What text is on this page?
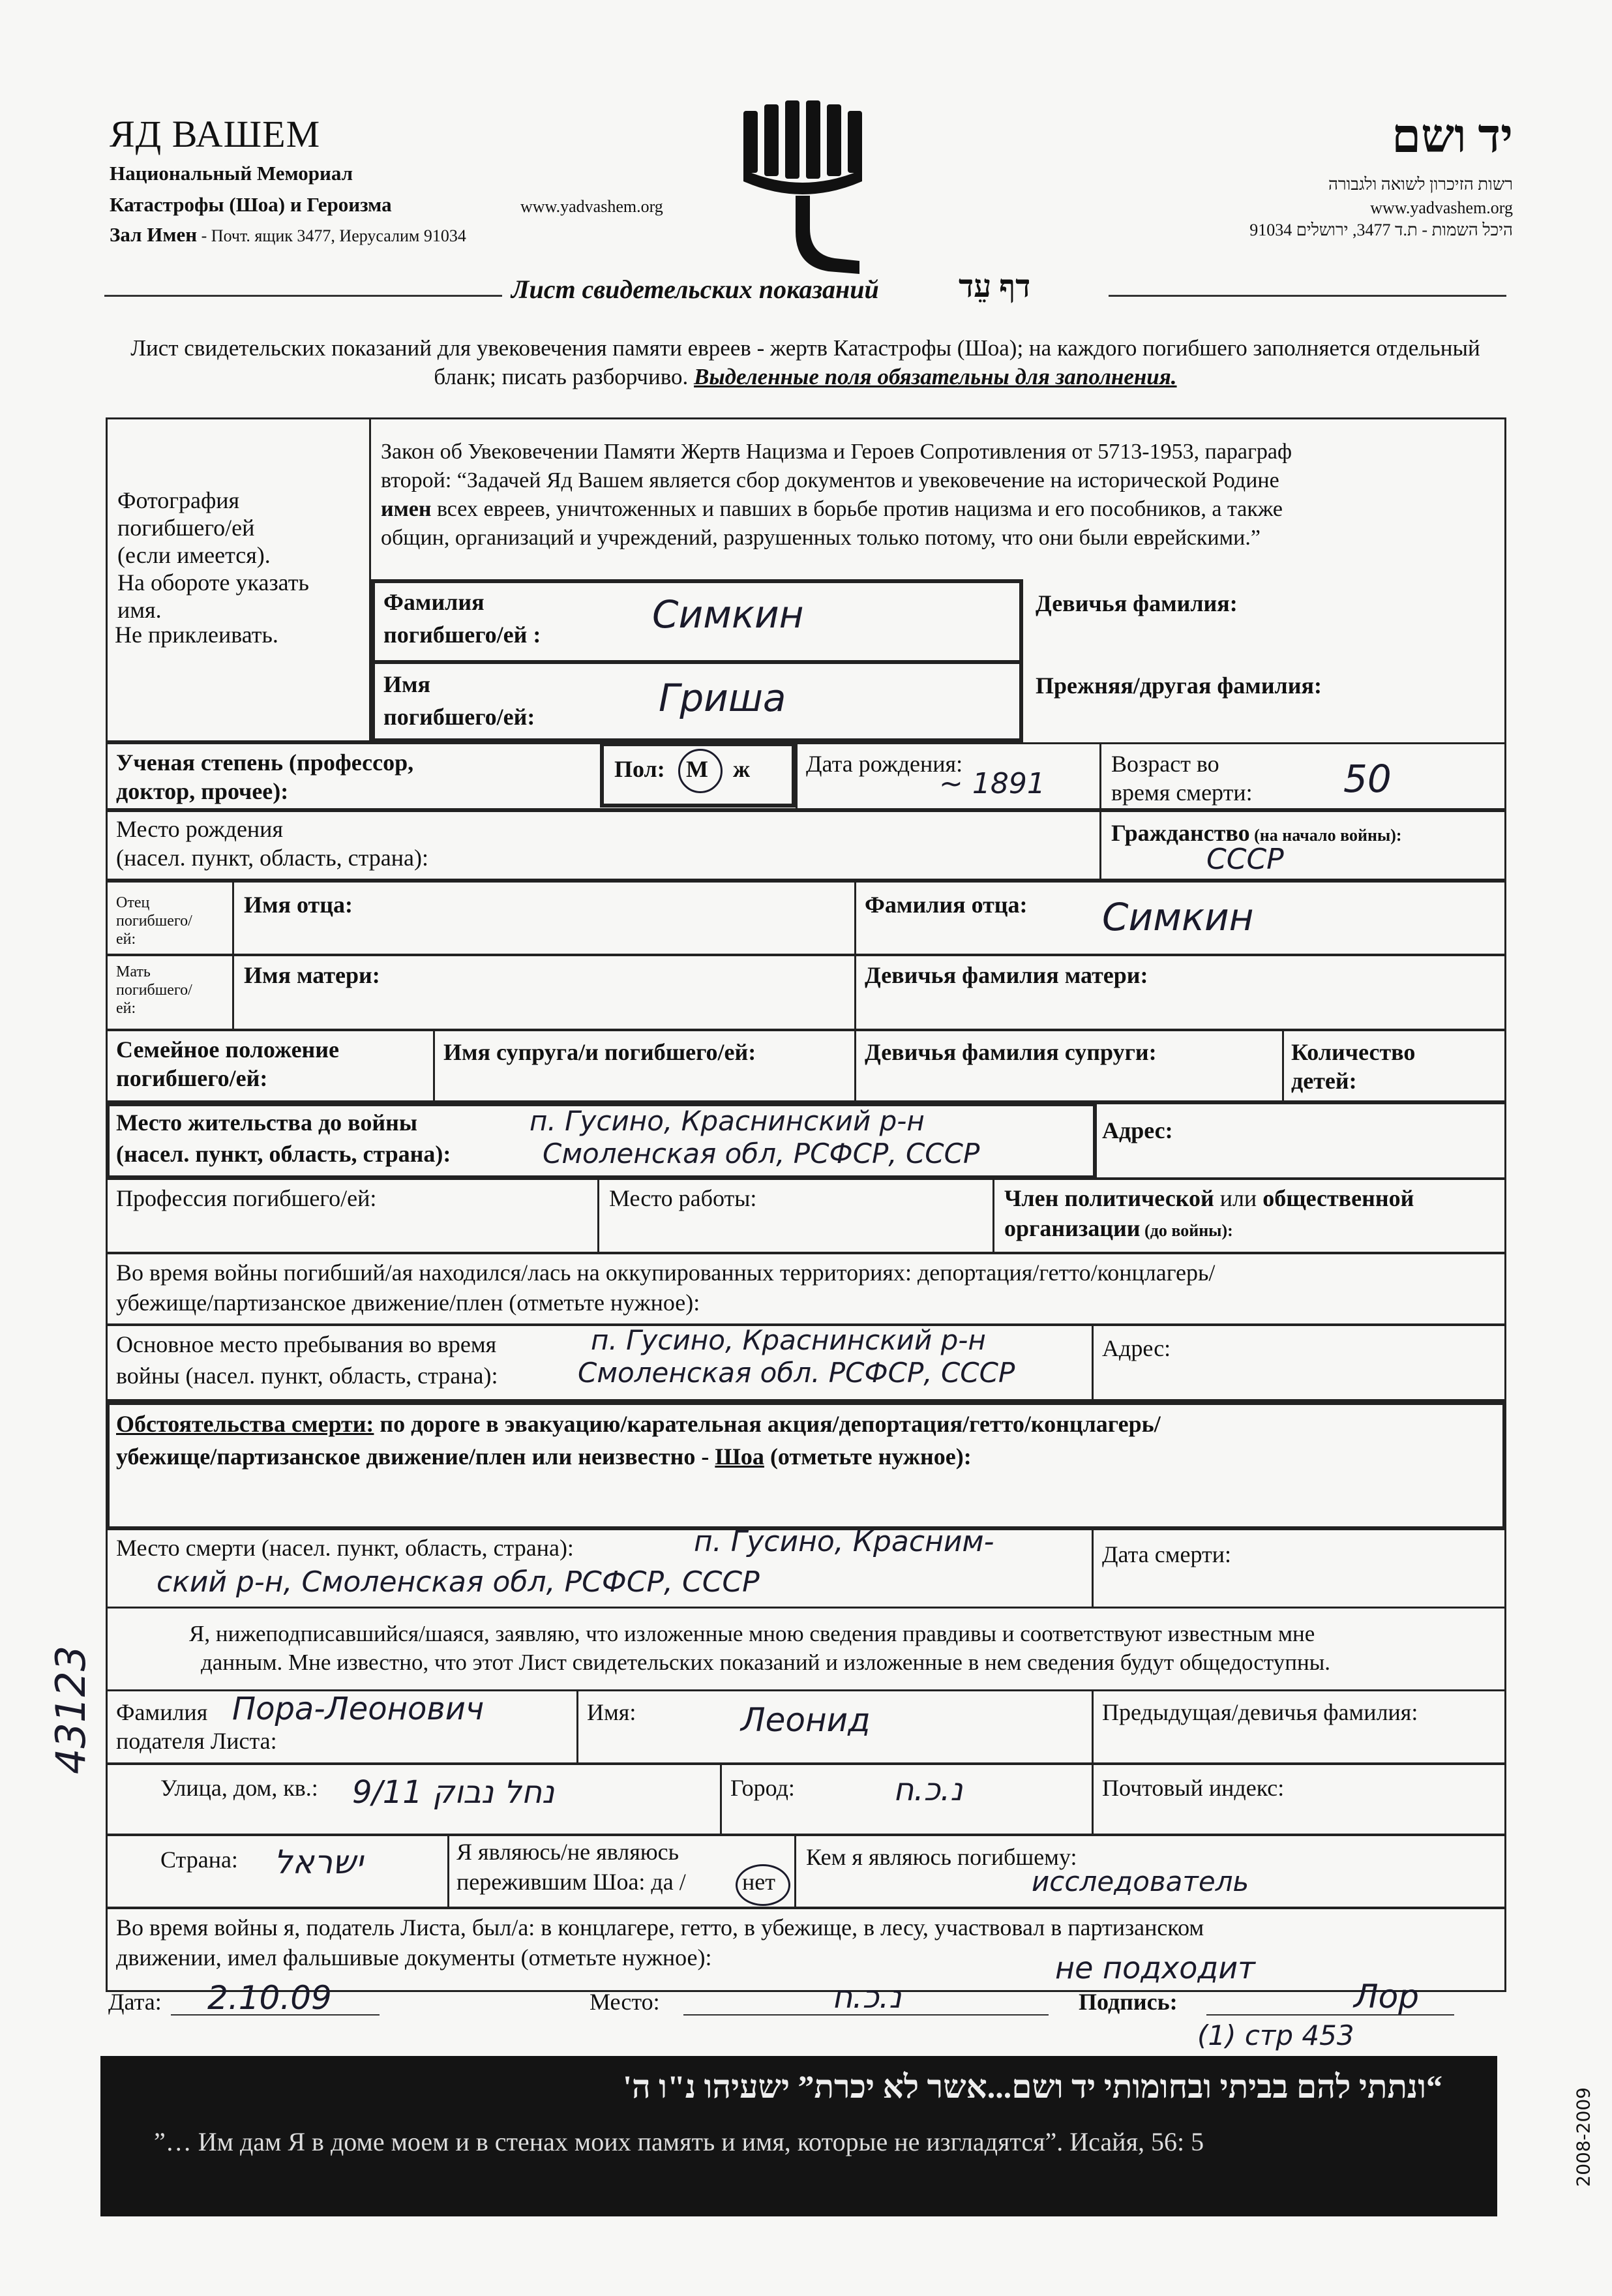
ЯД ВАШЕМ
Национальный Мемориал
Катастрофы (Шоа) и Героизма	www.yadvashem.org
Зал Имен - Почт. ящик 3477, Иерусалим 91034
יד ושם
רשות הזיכרון לשואה ולגבורה
www.yadvashem.org
היכל השמות - ת.ד 3477, ירושלים 91034
Лист свидетельских показаний	דף עֵד
Лист свидетельских показаний для увековечения памяти евреев - жертв Катастрофы (Шоа); на каждого погибшего заполняется отдельный бланк; писать разборчиво. Выделенные поля обязательны для заполнения.
Фотография
погибшего/ей
(если имеется).
На обороте указать
имя.
Не приклеивать.
Закон об Увековечении Памяти Жертв Нацизма и Героев Сопротивления от 5713-1953, параграф
второй: “Задачей Яд Вашем является сбор документов и увековечение на исторической Родине
имен всех евреев, уничтоженных и павших в борьбе против нацизма и его пособников, а также
общин, организаций и учреждений, разрушенных только потому, что они были еврейскими.”
Фамилия
погибшего/ей :	Симкин	Девичья фамилия:
Имя
погибшего/ей:	Гриша	Прежняя/другая фамилия:
Ученая степень (профессор,
доктор, прочее):
Пол: М ж Дата рождения:
~ 1891
Возраст во
время смерти: 50
Место рождения
(насел. пункт, область, страна):
Гражданство (на начало войны):
СССР
Отец
погибшего/
ей:
Имя отца:	Фамилия отца: Симкин
Мать
погибшего/
ей:
Имя матери:	Девичья фамилия матери:
Семейное положение
погибшего/ей:
Имя супруга/и погибшего/ей:	Девичья фамилия супруги:	Количество
детей:
Место жительства до войны
(насел. пункт, область, страна):
п. Гусино, Краснинский р-н
Смоленская обл, РСФСР, СССР
Адрес:
Профессия погибшего/ей:	Место работы:	Член политической или общественной
организации (до войны):
Во время войны погибший/ая находился/лась на оккупированных территориях: депортация/гетто/концлагерь/
убежище/партизанское движение/плен (отметьте нужное):
Основное место пребывания во время
войны (насел. пункт, область, страна):
п. Гусино, Краснинский р-н
Смоленская обл. РСФСР, СССР
Адрес:
Обстоятельства смерти: по дороге в эвакуацию/карательная акция/депортация/гетто/концлагерь/
убежище/партизанское движение/плен или неизвестно - Шоа (отметьте нужное):
Место смерти (насел. пункт, область, страна):	п. Гусино, Красним-
ский р-н, Смоленская обл, РСФСР, СССР
Дата смерти:
Я, нижеподписавшийся/шаяся, заявляю, что изложенные мною сведения правдивы и соответствуют известным мне
данным. Мне известно, что этот Лист свидетельских показаний и изложенные в нем сведения будут общедоступны.
Фамилия
подателя Листа:
Пора-Леонович	Имя:	Леонид	Предыдущая/девичья фамилия:
Улица, дом, кв.: 9/11 נחל נבוק	Город:	נ.כ.ח	Почтовый индекс:
Страна: ישראל	Я являюсь/не являюсь
пережившим Шоа: да / нет
Кем я являюсь погибшему:
исследователь
Во время войны я, податель Листа, был/а: в концлагере, гетто, в убежище, в лесу, участвовал в партизанском
движении, имел фальшивые документы (отметьте нужное):	не подходит
Дата: 2.10.09	Место:	נ.כ.ח	Подпись:	Лор
(1) стр 453
“ונתתי להם בביתי ובחומותי יד ושם...אשר לא יכרת” ישעיהו נ"ו ה'
”… Им дам Я в доме моем и в стенах моих память и имя, которые не изгладятся”. Исайя, 56: 5	2008-2009
43123
